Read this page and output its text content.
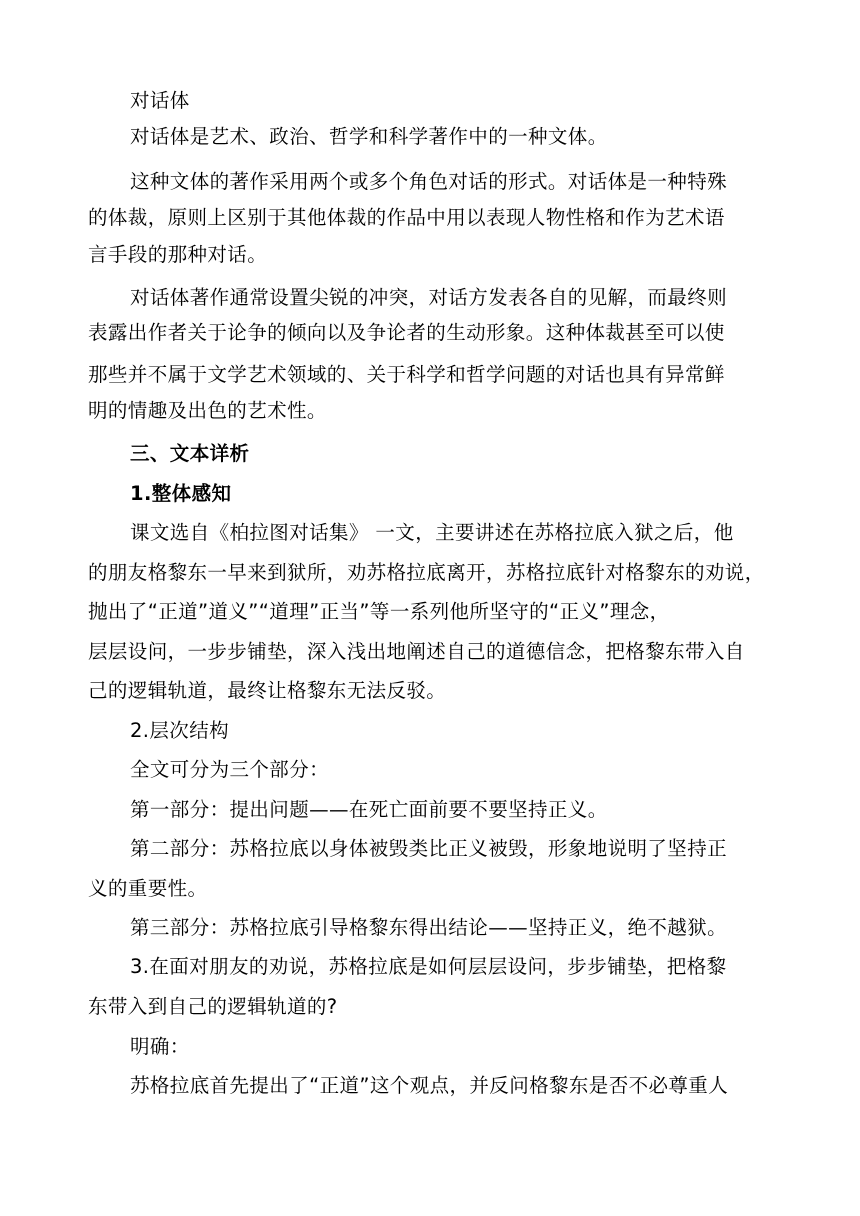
对话体
对话体是艺术、政治、哲学和科学著作中的一种文体。
这种文体的著作采用两个或多个角色对话的形式。对话体是一种特殊
的体裁，原则上区别于其他体裁的作品中用以表现人物性格和作为艺术语
言手段的那种对话。
对话体著作通常设置尖锐的冲突，对话方发表各自的见解，而最终则
表露出作者关于论争的倾向以及争论者的生动形象。这种体裁甚至可以使
那些并不属于文学艺术领域的、关于科学和哲学问题的对话也具有异常鲜
明的情趣及出色的艺术性。
三、文本详析
1.整体感知
课文选自《柏拉图对话集》 一文，主要讲述在苏格拉底入狱之后，他
的朋友格黎东一早来到狱所，劝苏格拉底离开，苏格拉底针对格黎东的劝说，
抛出了“正道”道义”“道理”正当”等一系列他所坚守的“正义”理念，
层层设问，一步步铺垫，深入浅出地阐述自己的道德信念，把格黎东带入自
己的逻辑轨道，最终让格黎东无法反驳。
2.层次结构
全文可分为三个部分：
第一部分：提出问题——在死亡面前要不要坚持正义。
第二部分：苏格拉底以身体被毁类比正义被毁，形象地说明了坚持正
义的重要性。
第三部分：苏格拉底引导格黎东得出结论——坚持正义，绝不越狱。
3.在面对朋友的劝说，苏格拉底是如何层层设问，步步铺垫，把格黎
东带入到自己的逻辑轨道的?
明确：
苏格拉底首先提出了“正道”这个观点，并反问格黎东是否不必尊重人
